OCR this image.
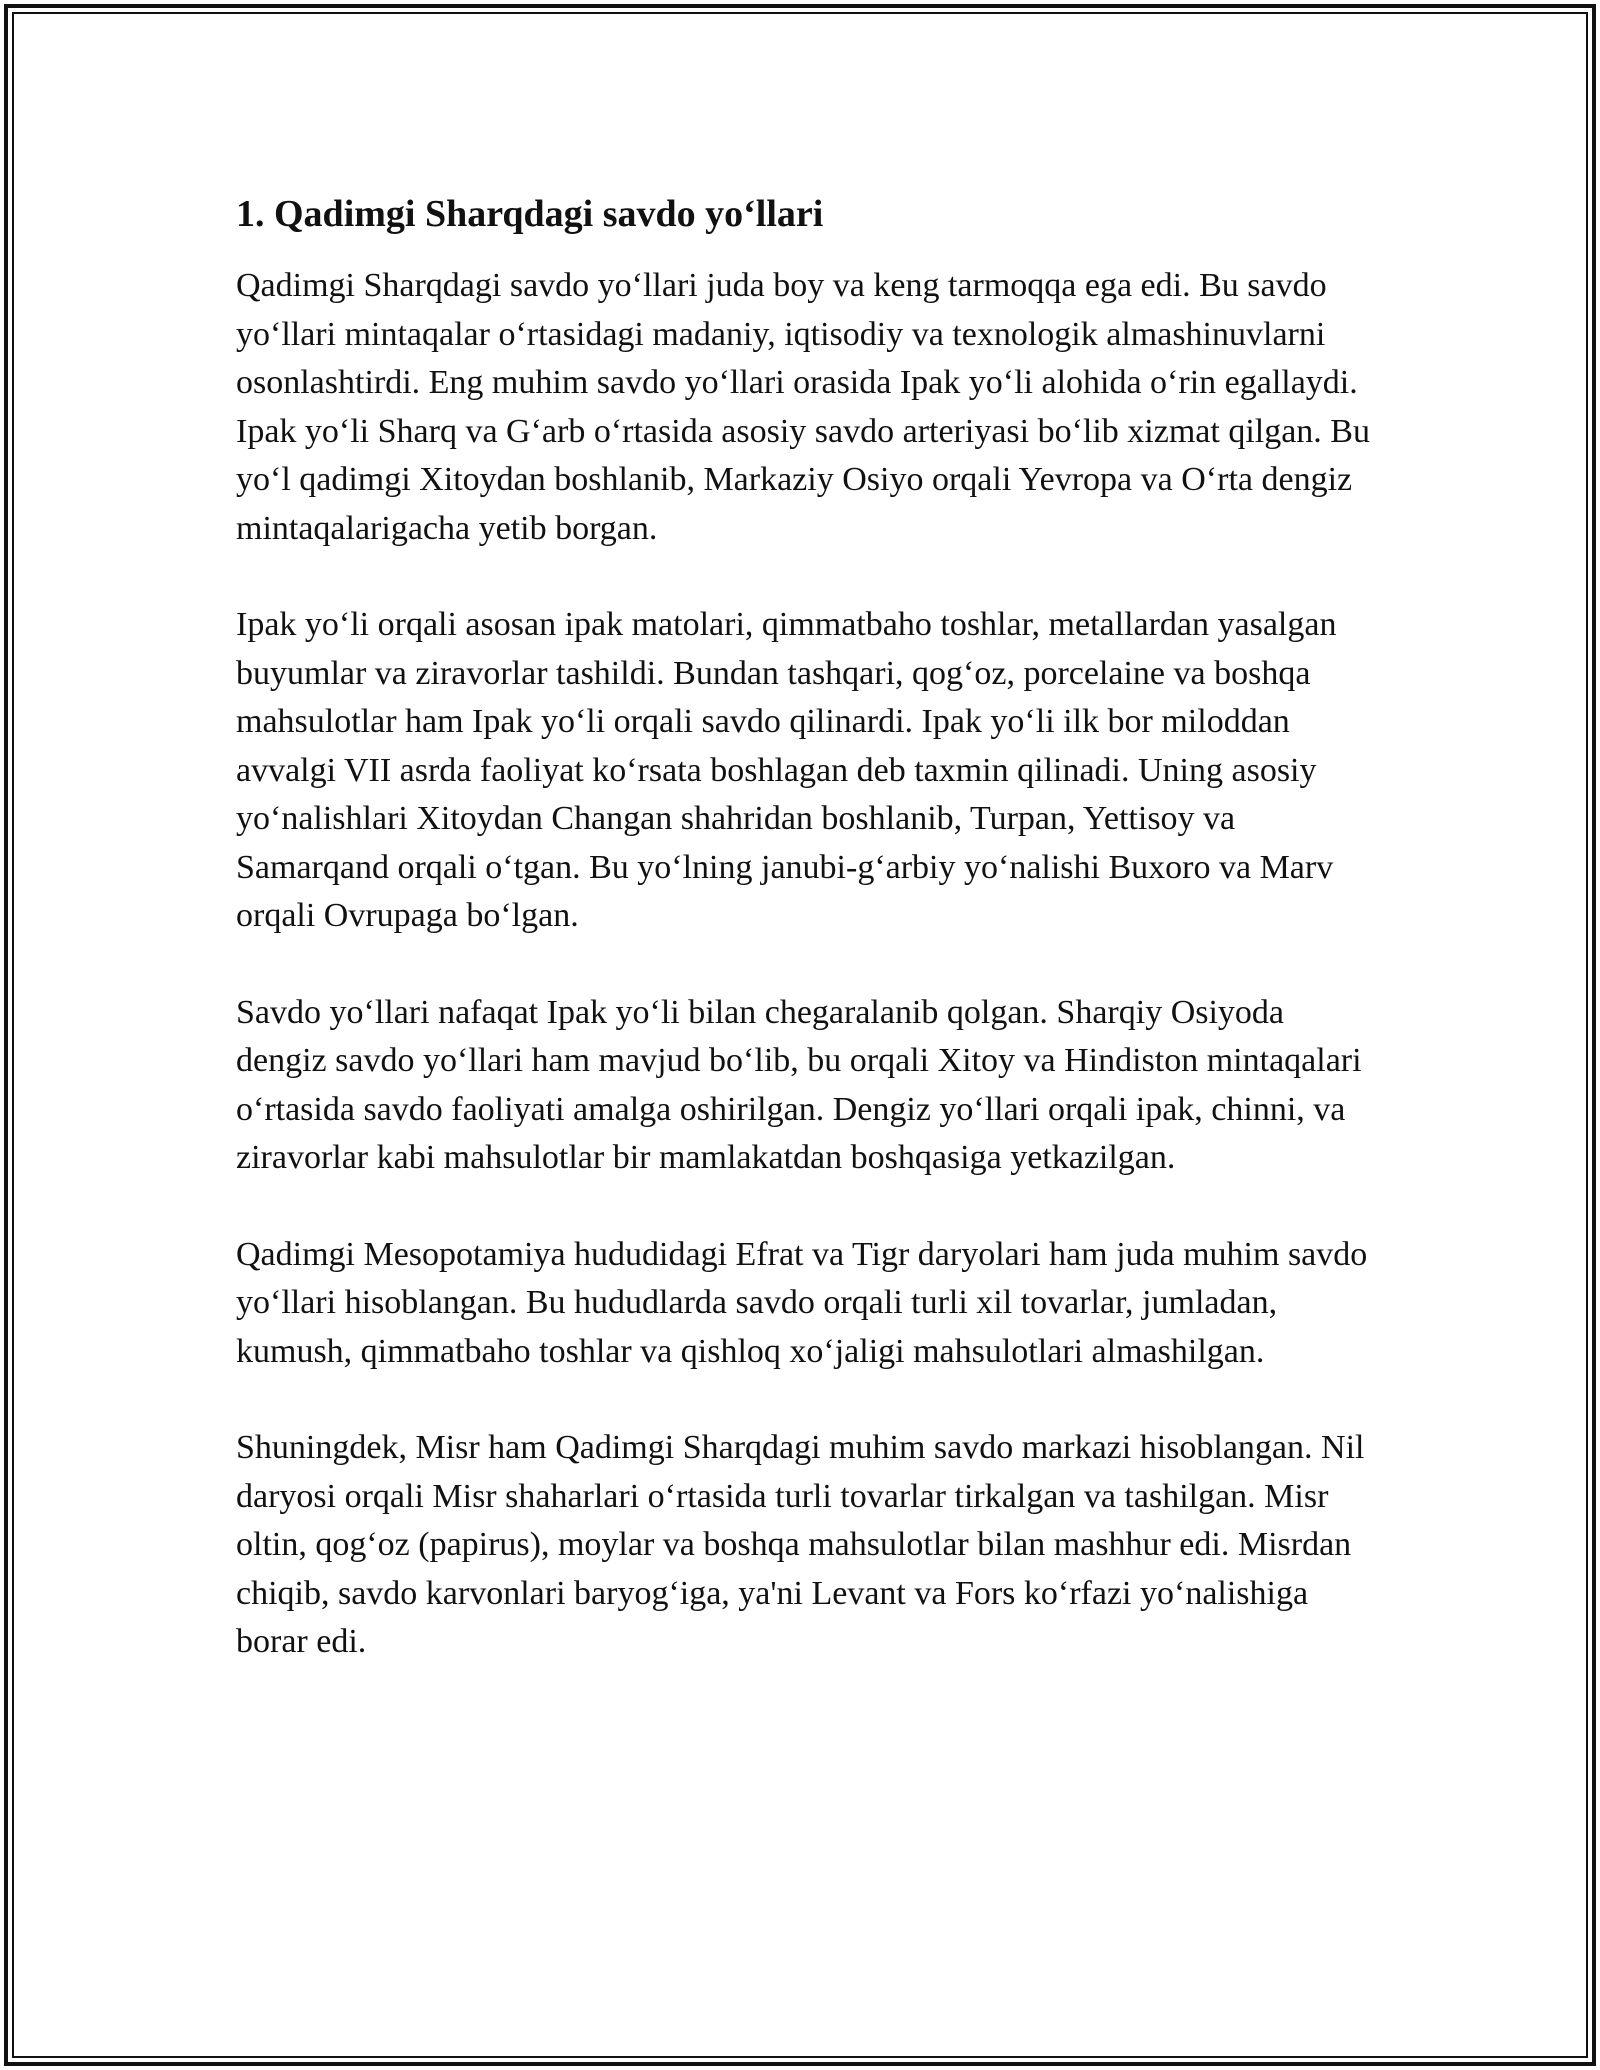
1. Qadimgi Sharqdagi savdo yo‘llari

Qadimgi Sharqdagi savdo yo‘llari juda boy va keng tarmoqqa ega edi. Bu savdo yo‘llari mintaqalar o‘rtasidagi madaniy, iqtisodiy va texnologik almashinuvlarni osonlashtirdi. Eng muhim savdo yo‘llari orasida Ipak yo‘li alohida o‘rin egallaydi. Ipak yo‘li Sharq va G‘arb o‘rtasida asosiy savdo arteriyasi bo‘lib xizmat qilgan. Bu yo‘l qadimgi Xitoydan boshlanib, Markaziy Osiyo orqali Yevropa va O‘rta dengiz mintaqalarigacha yetib borgan.

Ipak yo‘li orqali asosan ipak matolari, qimmatbaho toshlar, metallardan yasalgan buyumlar va ziravorlar tashildi. Bundan tashqari, qog‘oz, porcelaine va boshqa mahsulotlar ham Ipak yo‘li orqali savdo qilinardi. Ipak yo‘li ilk bor miloddan avvalgi VII asrda faoliyat ko‘rsata boshlagan deb taxmin qilinadi. Uning asosiy yo‘nalishlari Xitoydan Changan shahridan boshlanib, Turpan, Yettisoy va Samarqand orqali o‘tgan. Bu yo‘lning janubi-g‘arbiy yo‘nalishi Buxoro va Marv orqali Ovrupaga bo‘lgan.

Savdo yo‘llari nafaqat Ipak yo‘li bilan chegaralanib qolgan. Sharqiy Osiyoda dengiz savdo yo‘llari ham mavjud bo‘lib, bu orqali Xitoy va Hindiston mintaqalari o‘rtasida savdo faoliyati amalga oshirilgan. Dengiz yo‘llari orqali ipak, chinni, va ziravorlar kabi mahsulotlar bir mamlakatdan boshqasiga yetkazilgan.

Qadimgi Mesopotamiya hududidagi Efrat va Tigr daryolari ham juda muhim savdo yo‘llari hisoblangan. Bu hududlarda savdo orqali turli xil tovarlar, jumladan, kumush, qimmatbaho toshlar va qishloq xo‘jaligi mahsulotlari almashilgan.

Shuningdek, Misr ham Qadimgi Sharqdagi muhim savdo markazi hisoblangan. Nil daryosi orqali Misr shaharlari o‘rtasida turli tovarlar tirkalgan va tashilgan. Misr oltin, qog‘oz (papirus), moylar va boshqa mahsulotlar bilan mashhur edi. Misrdan chiqib, savdo karvonlari baryog‘iga, ya'ni Levant va Fors ko‘rfazi yo‘nalishiga borar edi.
